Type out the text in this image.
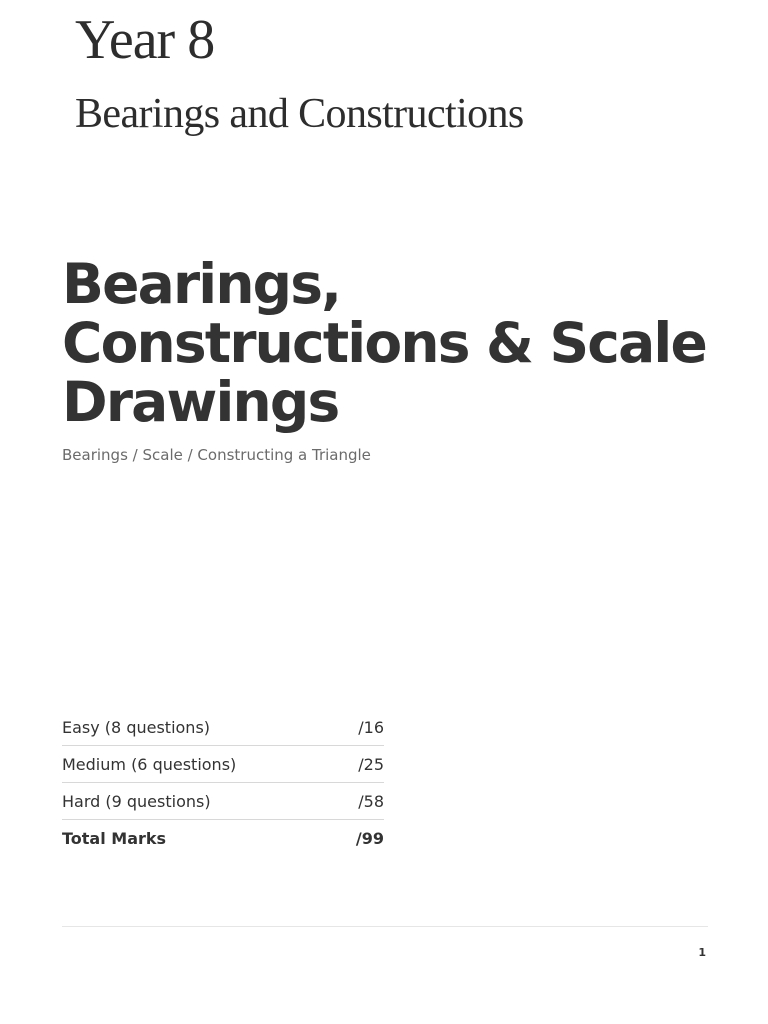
Year 8
Bearings and Constructions
Bearings, Constructions & Scale Drawings

Bearings / Scale / Constructing a Triangle

Easy (8 questions)	/16
Medium (6 questions)	/25
Hard (9 questions)	/58
Total Marks	/99
1
